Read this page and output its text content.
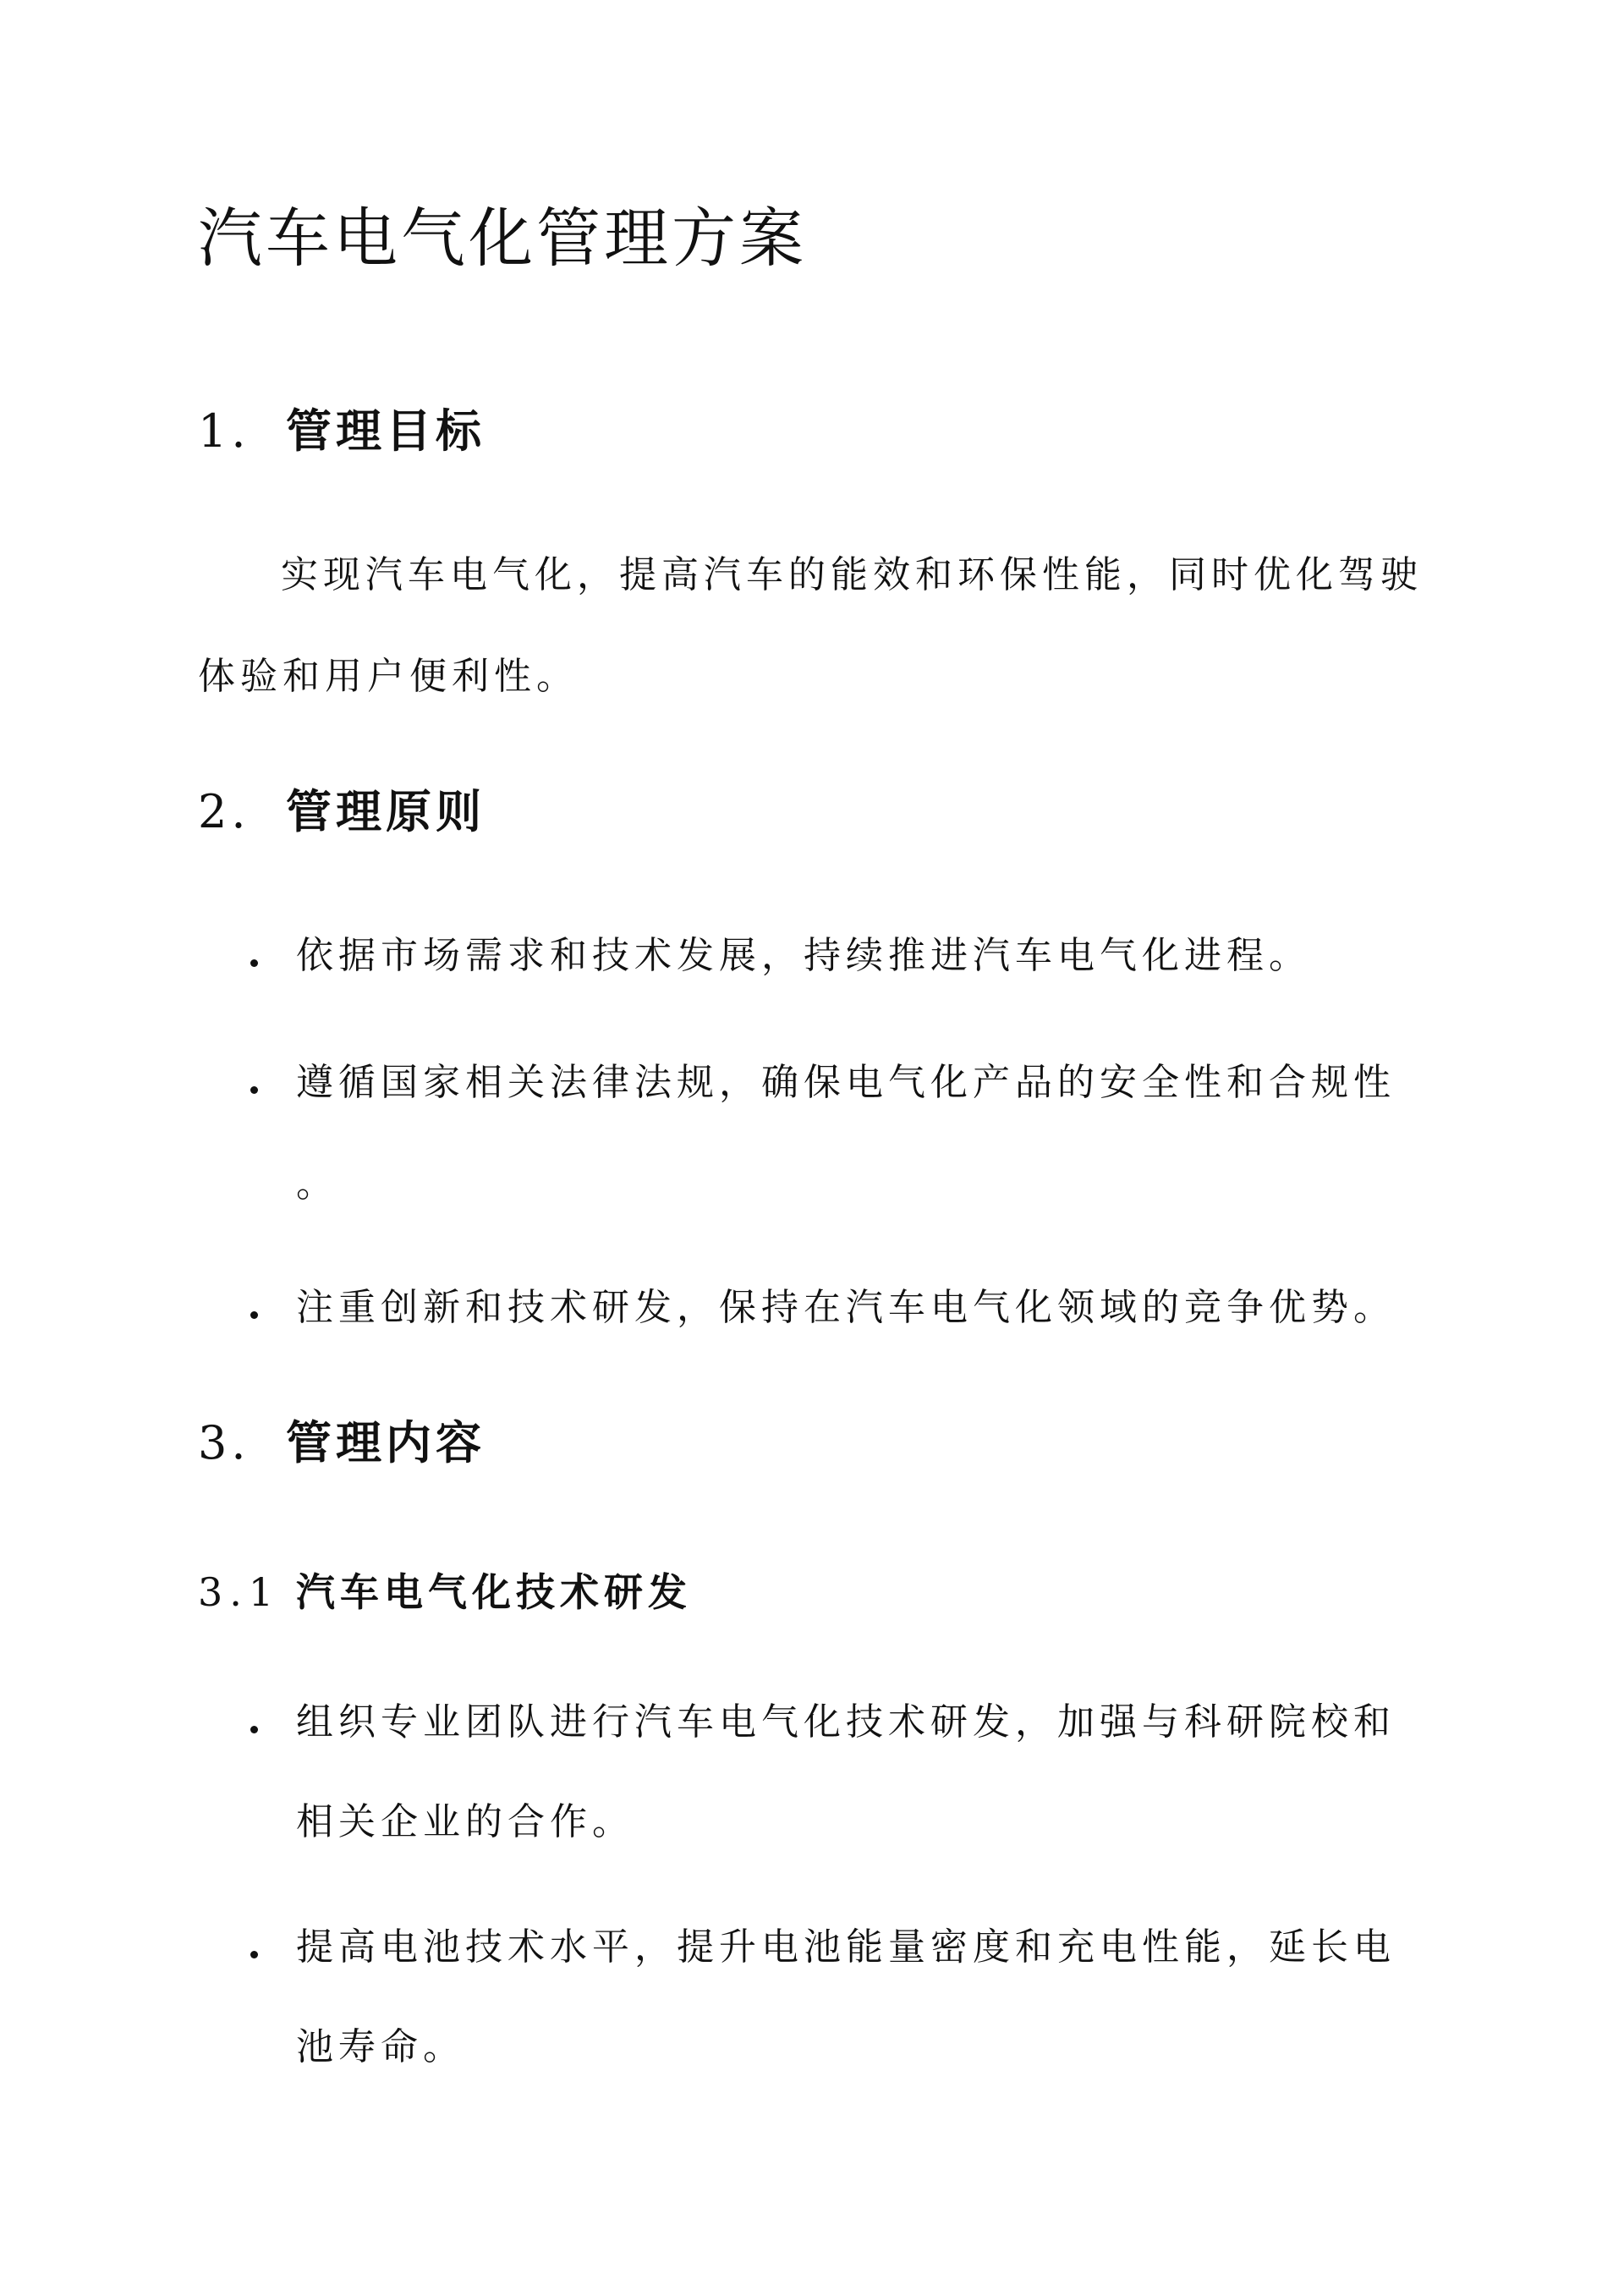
汽车电气化管理方案
1. 管理目标

实现汽车电气化，提高汽车的能效和环保性能，同时优化驾驶

体验和用户便利性。

2. 管理原则

依据市场需求和技术发展，持续推进汽车电气化进程。

遵循国家相关法律法规，确保电气化产品的安全性和合规性

。

注重创新和技术研发，保持在汽车电气化领域的竞争优势。

3. 管理内容
3.1 汽车电气化技术研发

组织专业团队进行汽车电气化技术研发，加强与科研院校和

相关企业的合作。

提高电池技术水平，提升电池能量密度和充电性能，延长电

池寿命。
